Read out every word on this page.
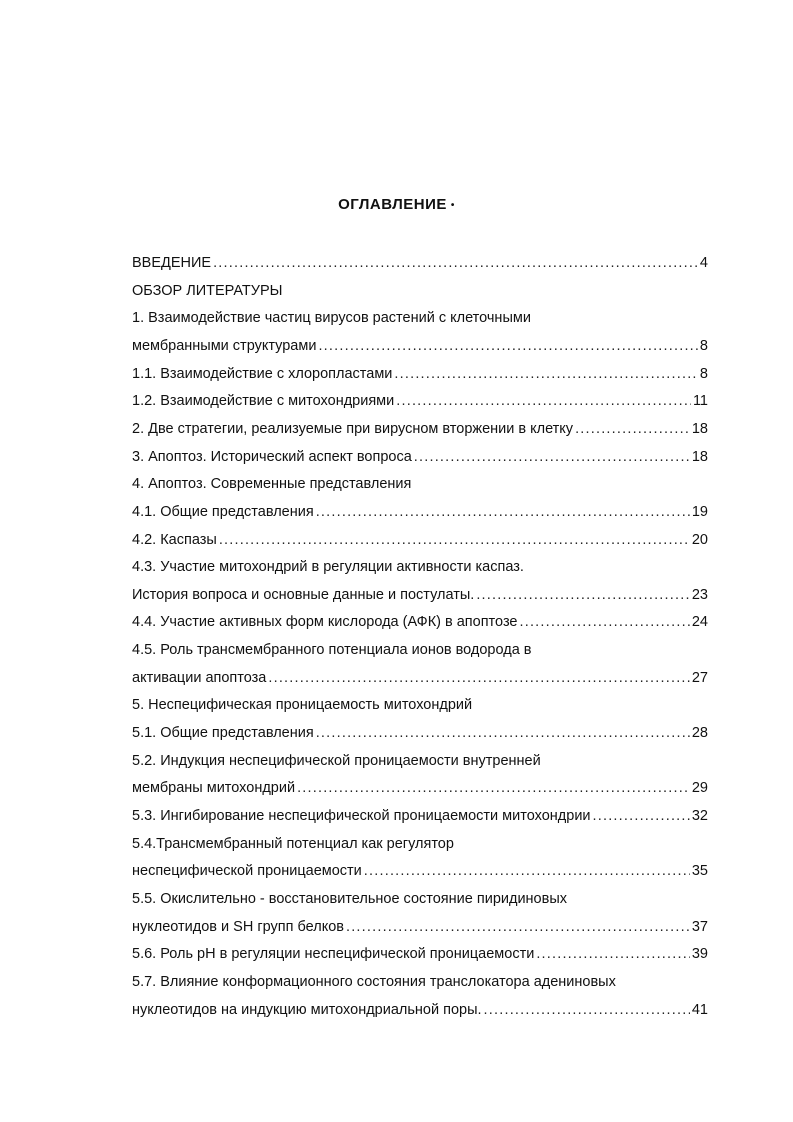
ОГЛАВЛЕНИЕ •
ВВЕДЕНИЕ .....	4
ОБЗОР ЛИТЕРАТУРЫ
1. Взаимодействие частиц вирусов растений с клеточными
мембранными структурами .....	8
1.1. Взаимодействие с хлоропластами .....	8
1.2. Взаимодействие с митохондриями .....	11
2. Две стратегии, реализуемые при вирусном вторжении в клетку .....	18
3. Апоптоз. Исторический аспект вопроса .....	18
4. Апоптоз. Современные представления
4.1. Общие представления .....	19
4.2. Каспазы .....	20
4.3. Участие митохондрий в регуляции активности каспаз.
История вопроса и основные данные и постулаты. .....	23
4.4. Участие активных форм кислорода (АФК) в апоптозе .....	24
4.5. Роль трансмембранного потенциала ионов водорода в
активации апоптоза .....	27
5. Неспецифическая проницаемость митохондрий
5.1. Общие представления .....	28
5.2. Индукция неспецифической проницаемости внутренней
мембраны митохондрий .....	29
5.3. Ингибирование неспецифической проницаемости митохондрии .....	32
5.4.Трансмембранный потенциал как регулятор
неспецифической проницаемости .....	35
5.5. Окислительно - восстановительное состояние пиридиновых
нуклеотидов и SH групп белков .....	37
5.6. Роль pH в регуляции неспецифической проницаемости .....	39
5.7. Влияние конформационного состояния транслокатора адениновых
нуклеотидов на индукцию митохондриальной поры. .....	41
